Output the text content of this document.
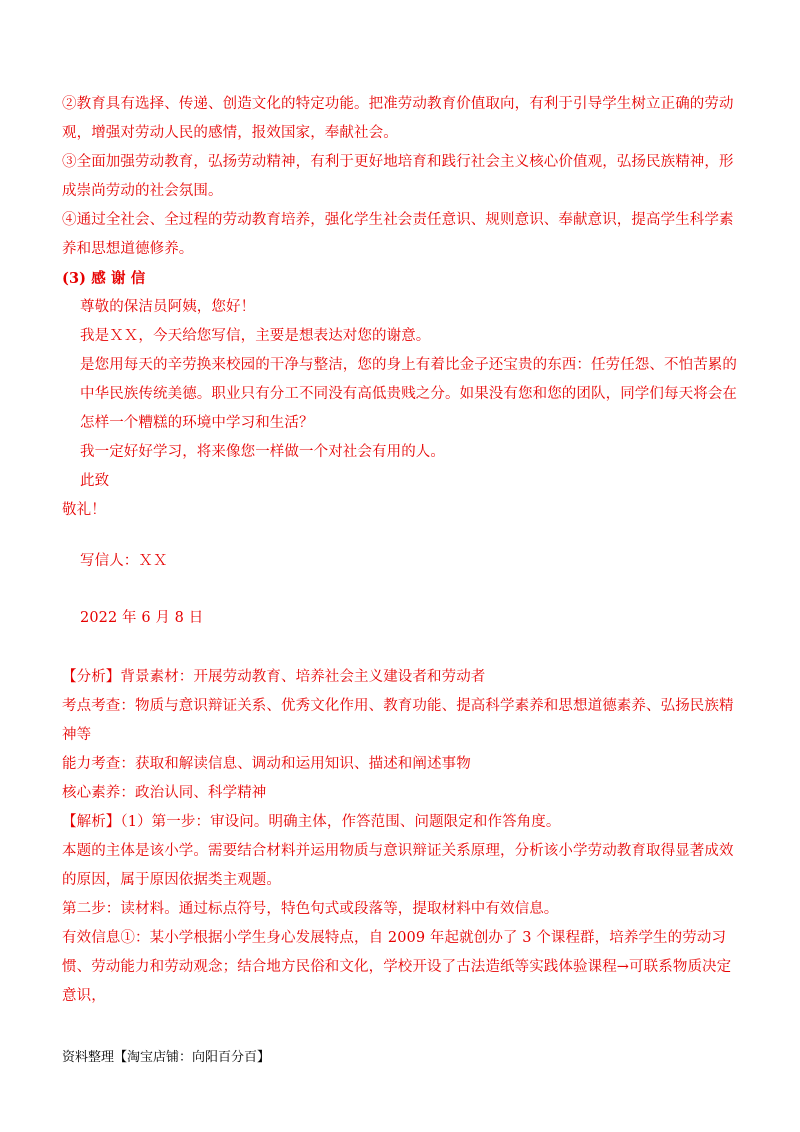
②教育具有选择、传递、创造文化的特定功能。把准劳动教育价值取向，有利于引导学生树立正确的劳动观，增强对劳动人民的感情，报效国家，奉献社会。

③全面加强劳动教育，弘扬劳动精神，有利于更好地培育和践行社会主义核心价值观，弘扬民族精神，形成崇尚劳动的社会氛围。

④通过全社会、全过程的劳动教育培养，强化学生社会责任意识、规则意识、奉献意识，提高学生科学素养和思想道德修养。

(3) 感 谢 信

尊敬的保洁员阿姨，您好！

我是ＸＸ，今天给您写信，主要是想表达对您的谢意。

是您用每天的辛劳换来校园的干净与整洁，您的身上有着比金子还宝贵的东西：任劳任怨、不怕苦累的中华民族传统美德。职业只有分工不同没有高低贵贱之分。如果没有您和您的团队，同学们每天将会在怎样一个糟糕的环境中学习和生活？

我一定好好学习，将来像您一样做一个对社会有用的人。

此致

敬礼！

写信人：ＸＸ

2022 年 6 月 8 日

【分析】背景素材：开展劳动教育、培养社会主义建设者和劳动者

考点考查：物质与意识辩证关系、优秀文化作用、教育功能、提高科学素养和思想道德素养、弘扬民族精神等

能力考查：获取和解读信息、调动和运用知识、描述和阐述事物

核心素养：政治认同、科学精神

【解析】（1）第一步：审设问。明确主体，作答范围、问题限定和作答角度。

本题的主体是该小学。需要结合材料并运用物质与意识辩证关系原理，分析该小学劳动教育取得显著成效的原因，属于原因依据类主观题。

第二步：读材料。通过标点符号，特色句式或段落等，提取材料中有效信息。

有效信息①：某小学根据小学生身心发展特点，自 2009 年起就创办了 3 个课程群，培养学生的劳动习惯、劳动能力和劳动观念；结合地方民俗和文化，学校开设了古法造纸等实践体验课程→可联系物质决定意识，

资料整理【淘宝店铺：向阳百分百】
